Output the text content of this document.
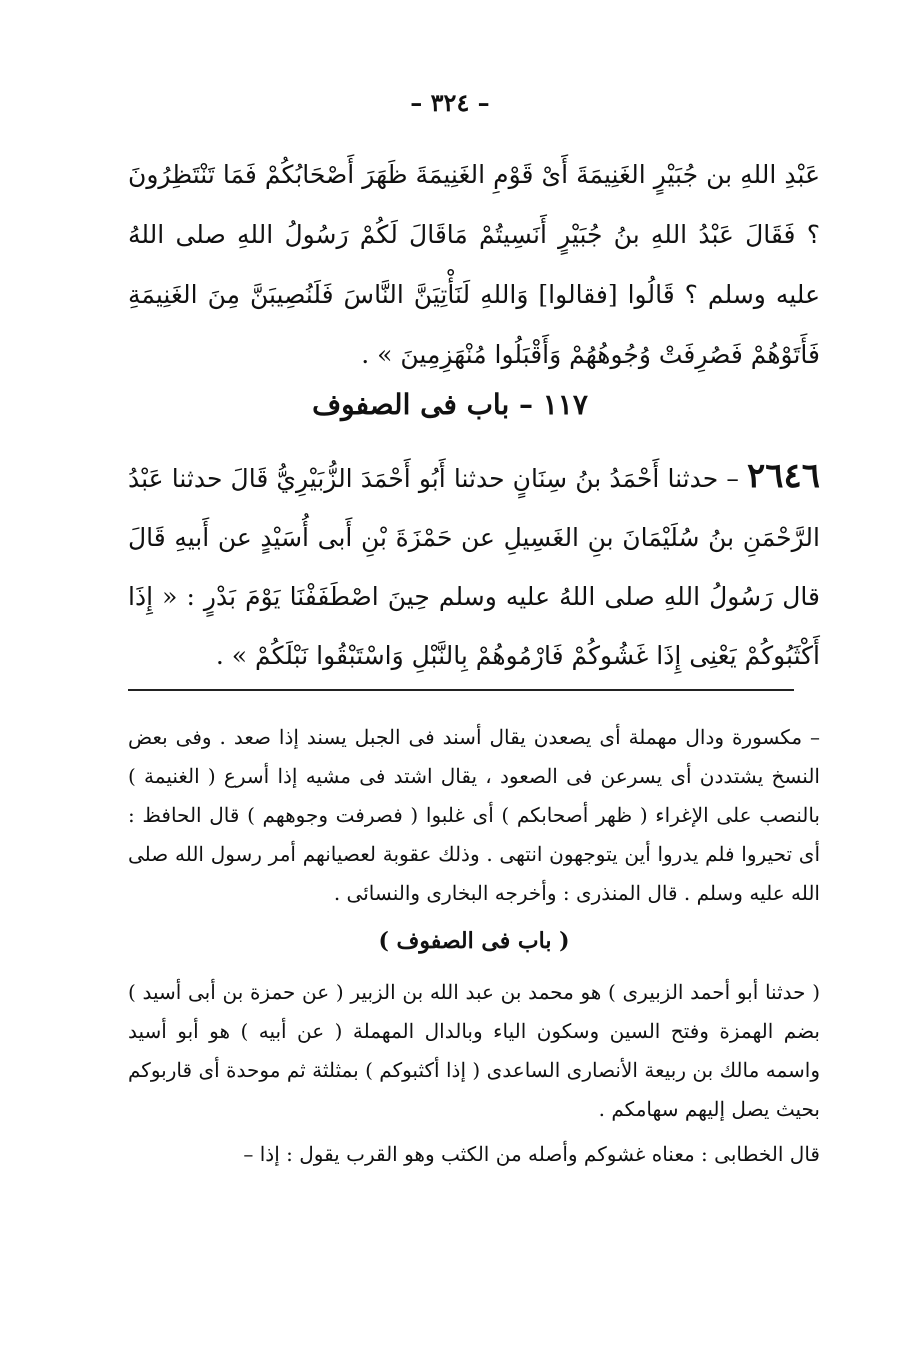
– ٣٢٤ –

عَبْدِ اللهِ بن جُبَيْرٍ الغَنِيمَةَ أَىْ قَوْمِ الغَنِيمَةَ ظَهَرَ أَصْحَابُكُمْ فَمَا تَنْتَظِرُونَ ؟ فَقَالَ عَبْدُ اللهِ بنُ جُبَيْرٍ أَنَسِيتُمْ مَاقَالَ لَكُمْ رَسُولُ اللهِ صلى اللهُ عليه وسلم ؟ قَالُوا [فقالوا] وَاللهِ لَنَأْتِيَنَّ النَّاسَ فَلَنُصِيبَنَّ مِنَ الغَنِيمَةِ فَأَتَوْهُمْ فَصُرِفَتْ وُجُوهُهُمْ وَأَقْبَلُوا مُنْهَزِمِينَ » .

١١٧ – باب فى الصفوف

٢٦٤٦ – حدثنا أَحْمَدُ بنُ سِنَانٍ حدثنا أَبُو أَحْمَدَ الزُّبَيْرِيُّ قَالَ حدثنا عَبْدُ الرَّحْمَنِ بنُ سُلَيْمَانَ بنِ الغَسِيلِ عن حَمْزَةَ بْنِ أَبى أُسَيْدٍ عن أَبيهِ قَالَ قال رَسُولُ اللهِ صلى اللهُ عليه وسلم حِينَ اصْطَفَفْنَا يَوْمَ بَدْرٍ : « إِذَا أَكْثَبُوكُمْ يَعْنِى إِذَا غَشُوكُمْ فَارْمُوهُمْ بِالنَّبْلِ وَاسْتَبْقُوا نَبْلَكُمْ » .

– مكسورة ودال مهملة أى يصعدن يقال أسند فى الجبل يسند إذا صعد . وفى بعض النسخ يشتددن أى يسرعن فى الصعود ، يقال اشتد فى مشيه إذا أسرع ( الغنيمة ) بالنصب على الإغراء ( ظهر أصحابكم ) أى غلبوا ( فصرفت وجوههم ) قال الحافظ : أى تحيروا فلم يدروا أين يتوجهون انتهى . وذلك عقوبة لعصيانهم أمر رسول الله صلى الله عليه وسلم . قال المنذرى : وأخرجه البخارى والنسائى .

( باب فى الصفوف )

( حدثنا أبو أحمد الزبيرى ) هو محمد بن عبد الله بن الزبير ( عن حمزة بن أبى أسيد ) بضم الهمزة وفتح السين وسكون الياء وبالدال المهملة ( عن أبيه ) هو أبو أسيد واسمه مالك بن ربيعة الأنصارى الساعدى ( إذا أكثبوكم ) بمثلثة ثم موحدة أى قاربوكم بحيث يصل إليهم سهامكم .

قال الخطابى : معناه غشوكم وأصله من الكثب وهو القرب يقول : إذا –
